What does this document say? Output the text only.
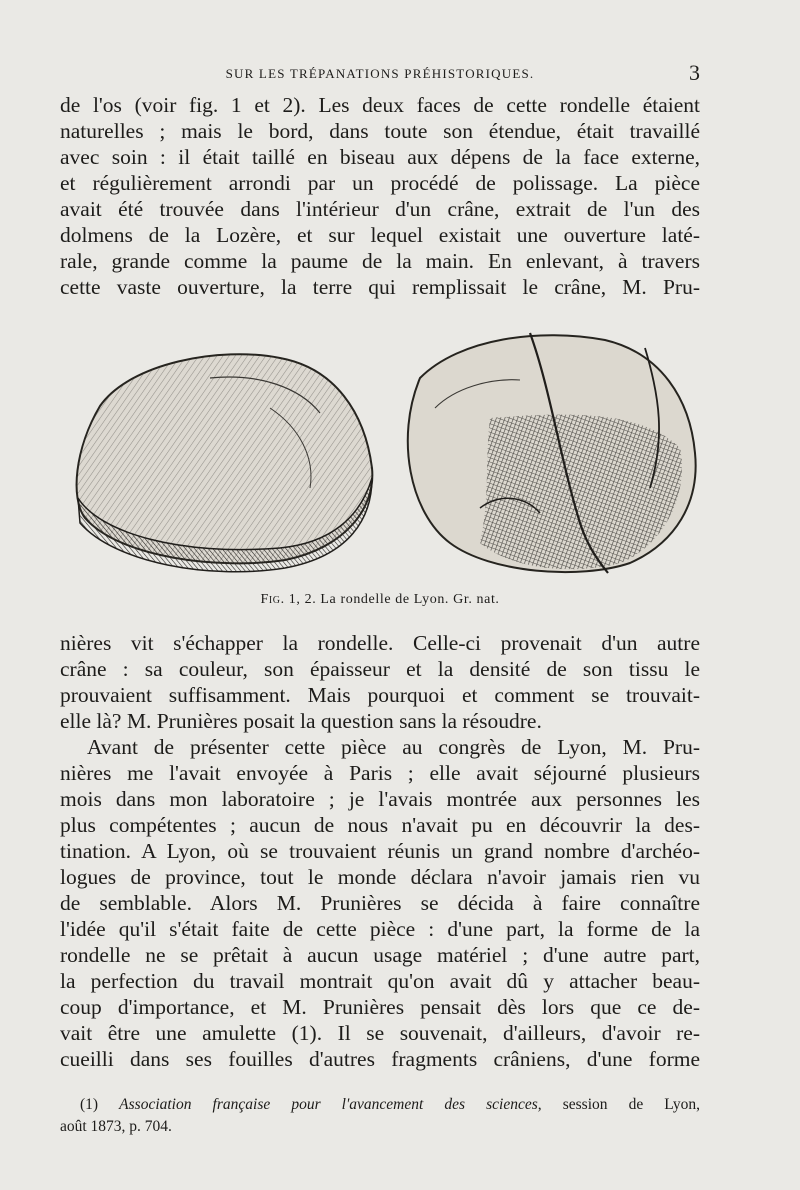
SUR LES TRÉPANATIONS PRÉHISTORIQUES.	3
de l'os (voir fig. 1 et 2). Les deux faces de cette rondelle étaient
naturelles ; mais le bord, dans toute son étendue, était travaillé
avec soin : il était taillé en biseau aux dépens de la face externe,
et régulièrement arrondi par un procédé de polissage. La pièce
avait été trouvée dans l'intérieur d'un crâne, extrait de l'un des
dolmens de la Lozère, et sur lequel existait une ouverture laté-
rale, grande comme la paume de la main. En enlevant, à travers
cette vaste ouverture, la terre qui remplissait le crâne, M. Pru-
Fig. 1, 2. La rondelle de Lyon. Gr. nat.
nières vit s'échapper la rondelle. Celle-ci provenait d'un autre
crâne : sa couleur, son épaisseur et la densité de son tissu le
prouvaient suffisamment. Mais pourquoi et comment se trouvait-
elle là? M. Prunières posait la question sans la résoudre.
Avant de présenter cette pièce au congrès de Lyon, M. Pru-
nières me l'avait envoyée à Paris ; elle avait séjourné plusieurs
mois dans mon laboratoire ; je l'avais montrée aux personnes les
plus compétentes ; aucun de nous n'avait pu en découvrir la des-
tination. A Lyon, où se trouvaient réunis un grand nombre d'archéo-
logues de province, tout le monde déclara n'avoir jamais rien vu
de semblable. Alors M. Prunières se décida à faire connaître
l'idée qu'il s'était faite de cette pièce : d'une part, la forme de la
rondelle ne se prêtait à aucun usage matériel ; d'une autre part,
la perfection du travail montrait qu'on avait dû y attacher beau-
coup d'importance, et M. Prunières pensait dès lors que ce de-
vait être une amulette (1). Il se souvenait, d'ailleurs, d'avoir re-
cueilli dans ses fouilles d'autres fragments crâniens, d'une forme
(1) Association française pour l'avancement des sciences, session de Lyon,
août 1873, p. 704.
